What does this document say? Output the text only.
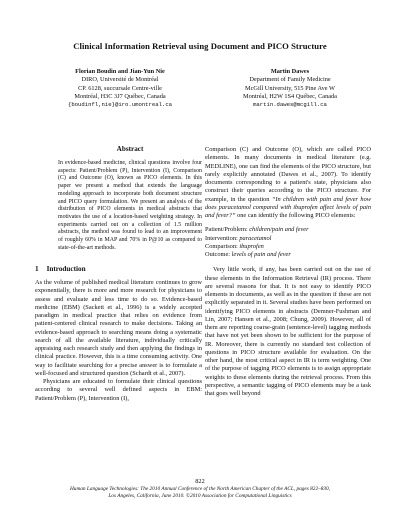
Clinical Information Retrieval using Document and PICO Structure
Florian Boudin and Jian-Yun Nie
DIRO, Université de Montréal
CP. 6128, succursale Centre-ville
Montréal, H3C 3J7 Québec, Canada
{boudinfl,nie}@iro.umontreal.ca
Martin Dawes
Department of Family Medicine
McGill University, 515 Pine Ave W
Montréal, H2W 1S4 Québec, Canada
martin.dawes@mcgill.ca
Abstract
In evidence-based medicine, clinical questions involve four aspects: Patient/Problem (P), Intervention (I), Comparison (C) and Outcome (O), known as PICO elements. In this paper we present a method that extends the language modeling approach to incorporate both document structure and PICO query formulation. We present an analysis of the distribution of PICO elements in medical abstracts that motivates the use of a location-based weighting strategy. In experiments carried out on a collection of 1.5 million abstracts, the method was found to lead to an improvement of roughly 60% in MAP and 70% in P@10 as compared to state-of-the-art methods.
1 Introduction

As the volume of published medical literature continues to grow exponentially, there is more and more research for physicians to assess and evaluate and less time to do so. Evidence-based medicine (EBM) (Sackett et al., 1996) is a widely accepted paradigm in medical practice that relies on evidence from patient-centered clinical research to make decisions. Taking an evidence-based approach to searching means doing a systematic search of all the available literature, individually critically appraising each research study and then applying the findings in clinical practice. However, this is a time consuming activity. One way to facilitate searching for a precise answer is to formulate a well-focused and structured question (Schardt et al., 2007).

Physicians are educated to formulate their clinical questions according to several well defined aspects in EBM: Patient/Problem (P), Intervention (I),

Comparison (C) and Outcome (O), which are called PICO elements. In many documents in medical literature (e.g. MEDLINE), one can find the elements of the PICO structure, but rarely explicitly annotated (Dawes et al., 2007). To identify documents corresponding to a patient's state, physicians also construct their queries according to the PICO structure. For example, in the question “In children with pain and fever how does paracetamol compared with ibuprofen affect levels of pain and fever?” one can identify the following PICO elements:

Patient/Problem: children/pain and fever
Intervention: paracetamol
Comparison: ibuprofen
Outcome: levels of pain and fever

Very little work, if any, has been carried out on the use of these elements in the Information Retrieval (IR) process. There are several reasons for that. It is not easy to identify PICO elements in documents, as well as in the question if these are not explicitly separated in it. Several studies have been performed on identifying PICO elements in abstracts (Demner-Fushman and Lin, 2007; Hansen et al., 2008; Chung, 2009). However, all of them are reporting coarse-grain (sentence-level) tagging methods that have not yet been shown to be sufficient for the purpose of IR. Moreover, there is currently no standard test collection of questions in PICO structure available for evaluation. On the other hand, the most critical aspect in IR is term weighting. One of the purpose of tagging PICO elements is to assign appropriate weights to these elements during the retrieval process. From this perspective, a semantic tagging of PICO elements may be a task that goes well beyond

822
Human Language Technologies: The 2010 Annual Conference of the North American Chapter of the ACL, pages 822–830,
Los Angeles, California, June 2010. ©2010 Association for Computational Linguistics
